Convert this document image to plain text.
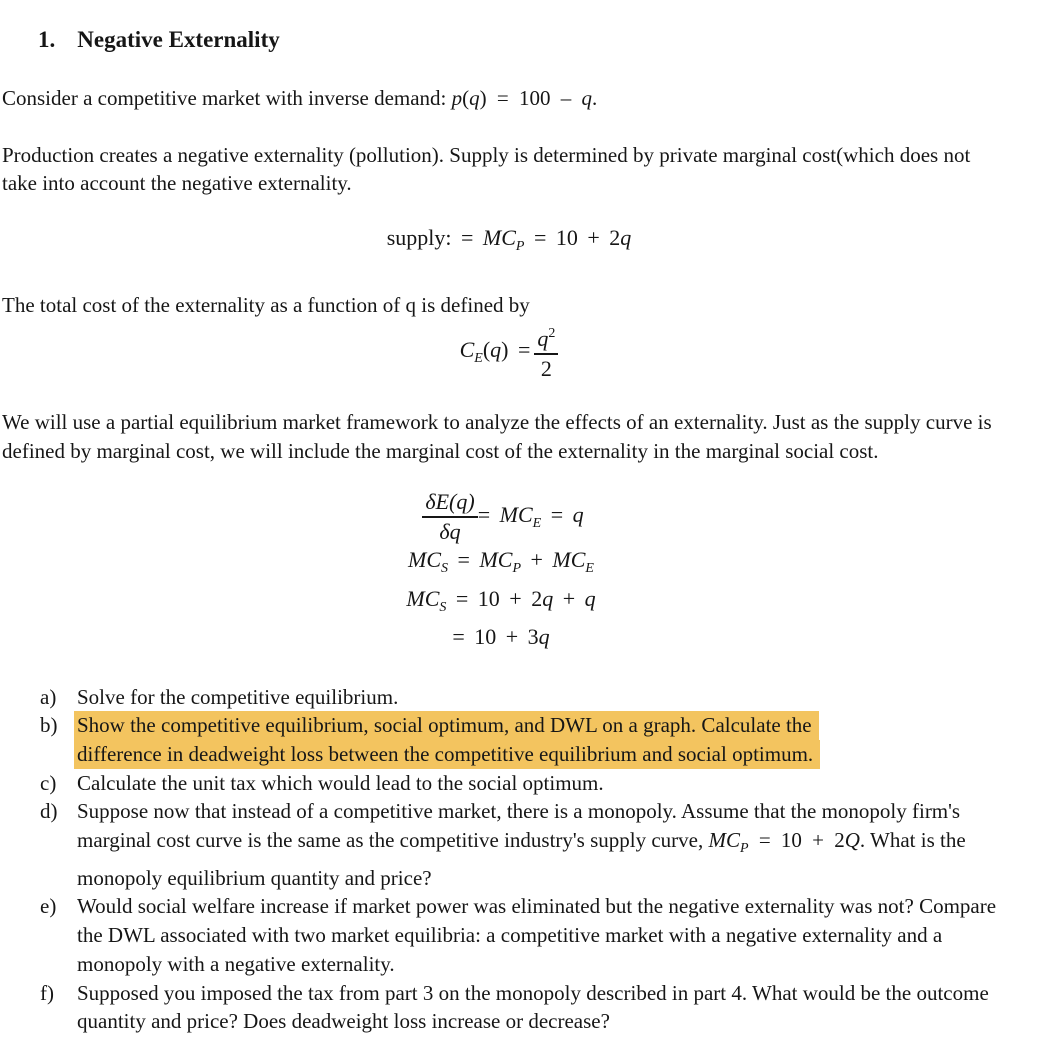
1. Negative Externality

Consider a competitive market with inverse demand: p(q) = 100 – q.

Production creates a negative externality (pollution). Supply is determined by private marginal cost(which does not take into account the negative externality.

supply: = $MC_P = 10 + 2q$

The total cost of the externality as a function of q is defined by

$C_E(q) = \frac{q^2}{2}$

We will use a partial equilibrium market framework to analyze the effects of an externality. Just as the supply curve is defined by marginal cost, we will include the marginal cost of the externality in the marginal social cost.

$\frac{\delta E(q)}{\delta q} = MC_E = q$
$MC_S = MC_P + MC_E$
$MC_S = 10 + 2q + q$
= 10 + 3q
a) Solve for the competitive equilibrium.
b) Show the competitive equilibrium, social optimum, and DWL on a graph. Calculate the
difference in deadweight loss between the competitive equilibrium and social optimum.
c) Calculate the unit tax which would lead to the social optimum.
d) Suppose now that instead of a competitive market, there is a monopoly. Assume that the monopoly firm's marginal cost curve is the same as the competitive industry's supply curve, $MC_P = 10 + 2Q$. What is the monopoly equilibrium quantity and price?
e) Would social welfare increase if market power was eliminated but the negative externality was not? Compare the DWL associated with two market equilibria: a competitive market with a negative externality and a monopoly with a negative externality.
f)	Supposed you imposed the tax from part 3 on the monopoly described in part 4. What would be the outcome quantity and price? Does deadweight loss increase or decrease?
